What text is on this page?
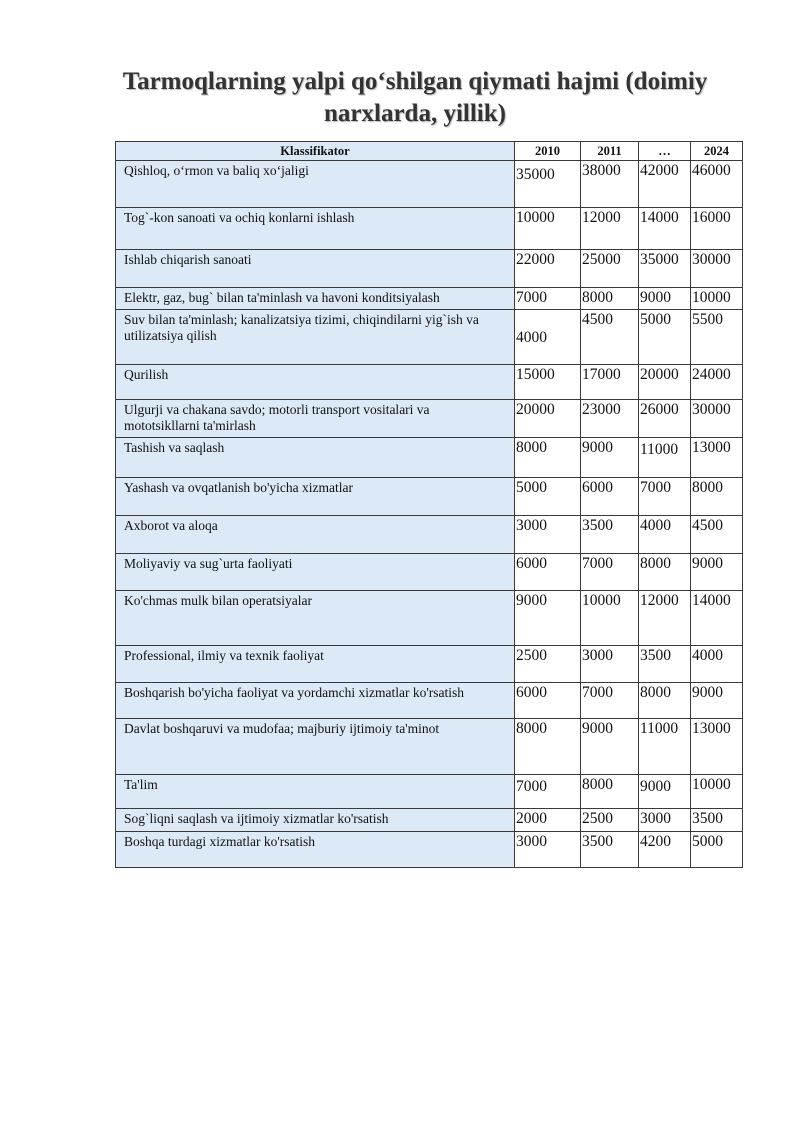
Tarmoqlarning yalpi qo‘shilgan qiymati hajmi (doimiy narxlarda, yillik)
Klassifikator	2010	2011	…	2024
Qishloq, o‘rmon va baliq xo‘jaligi	35000	38000	42000	46000
Tog`-kon sanoati va ochiq konlarni ishlash	10000	12000	14000	16000
Ishlab chiqarish sanoati	22000	25000	35000	30000
Elektr, gaz, bug` bilan ta'minlash va havoni konditsiyalash	7000	8000	9000	10000
Suv bilan ta'minlash; kanalizatsiya tizimi, chiqindilarni yig`ish va utilizatsiya qilish	4000	4500	5000	5500
Qurilish	15000	17000	20000	24000
Ulgurji va chakana savdo; motorli transport vositalari va mototsikllarni ta'mirlash	20000	23000	26000	30000
Tashish va saqlash	8000	9000	11000	13000
Yashash va ovqatlanish bo'yicha xizmatlar	5000	6000	7000	8000
Axborot va aloqa	3000	3500	4000	4500
Moliyaviy va sug`urta faoliyati	6000	7000	8000	9000
Ko'chmas mulk bilan operatsiyalar	9000	10000	12000	14000
Professional, ilmiy va texnik faoliyat	2500	3000	3500	4000
Boshqarish bo'yicha faoliyat va yordamchi xizmatlar ko'rsatish	6000	7000	8000	9000
Davlat boshqaruvi va mudofaa; majburiy ijtimoiy ta'minot	8000	9000	11000	13000
Ta'lim	7000	8000	9000	10000
Sog`liqni saqlash va ijtimoiy xizmatlar ko'rsatish	2000	2500	3000	3500
Boshqa turdagi xizmatlar ko'rsatish	3000	3500	4200	5000
